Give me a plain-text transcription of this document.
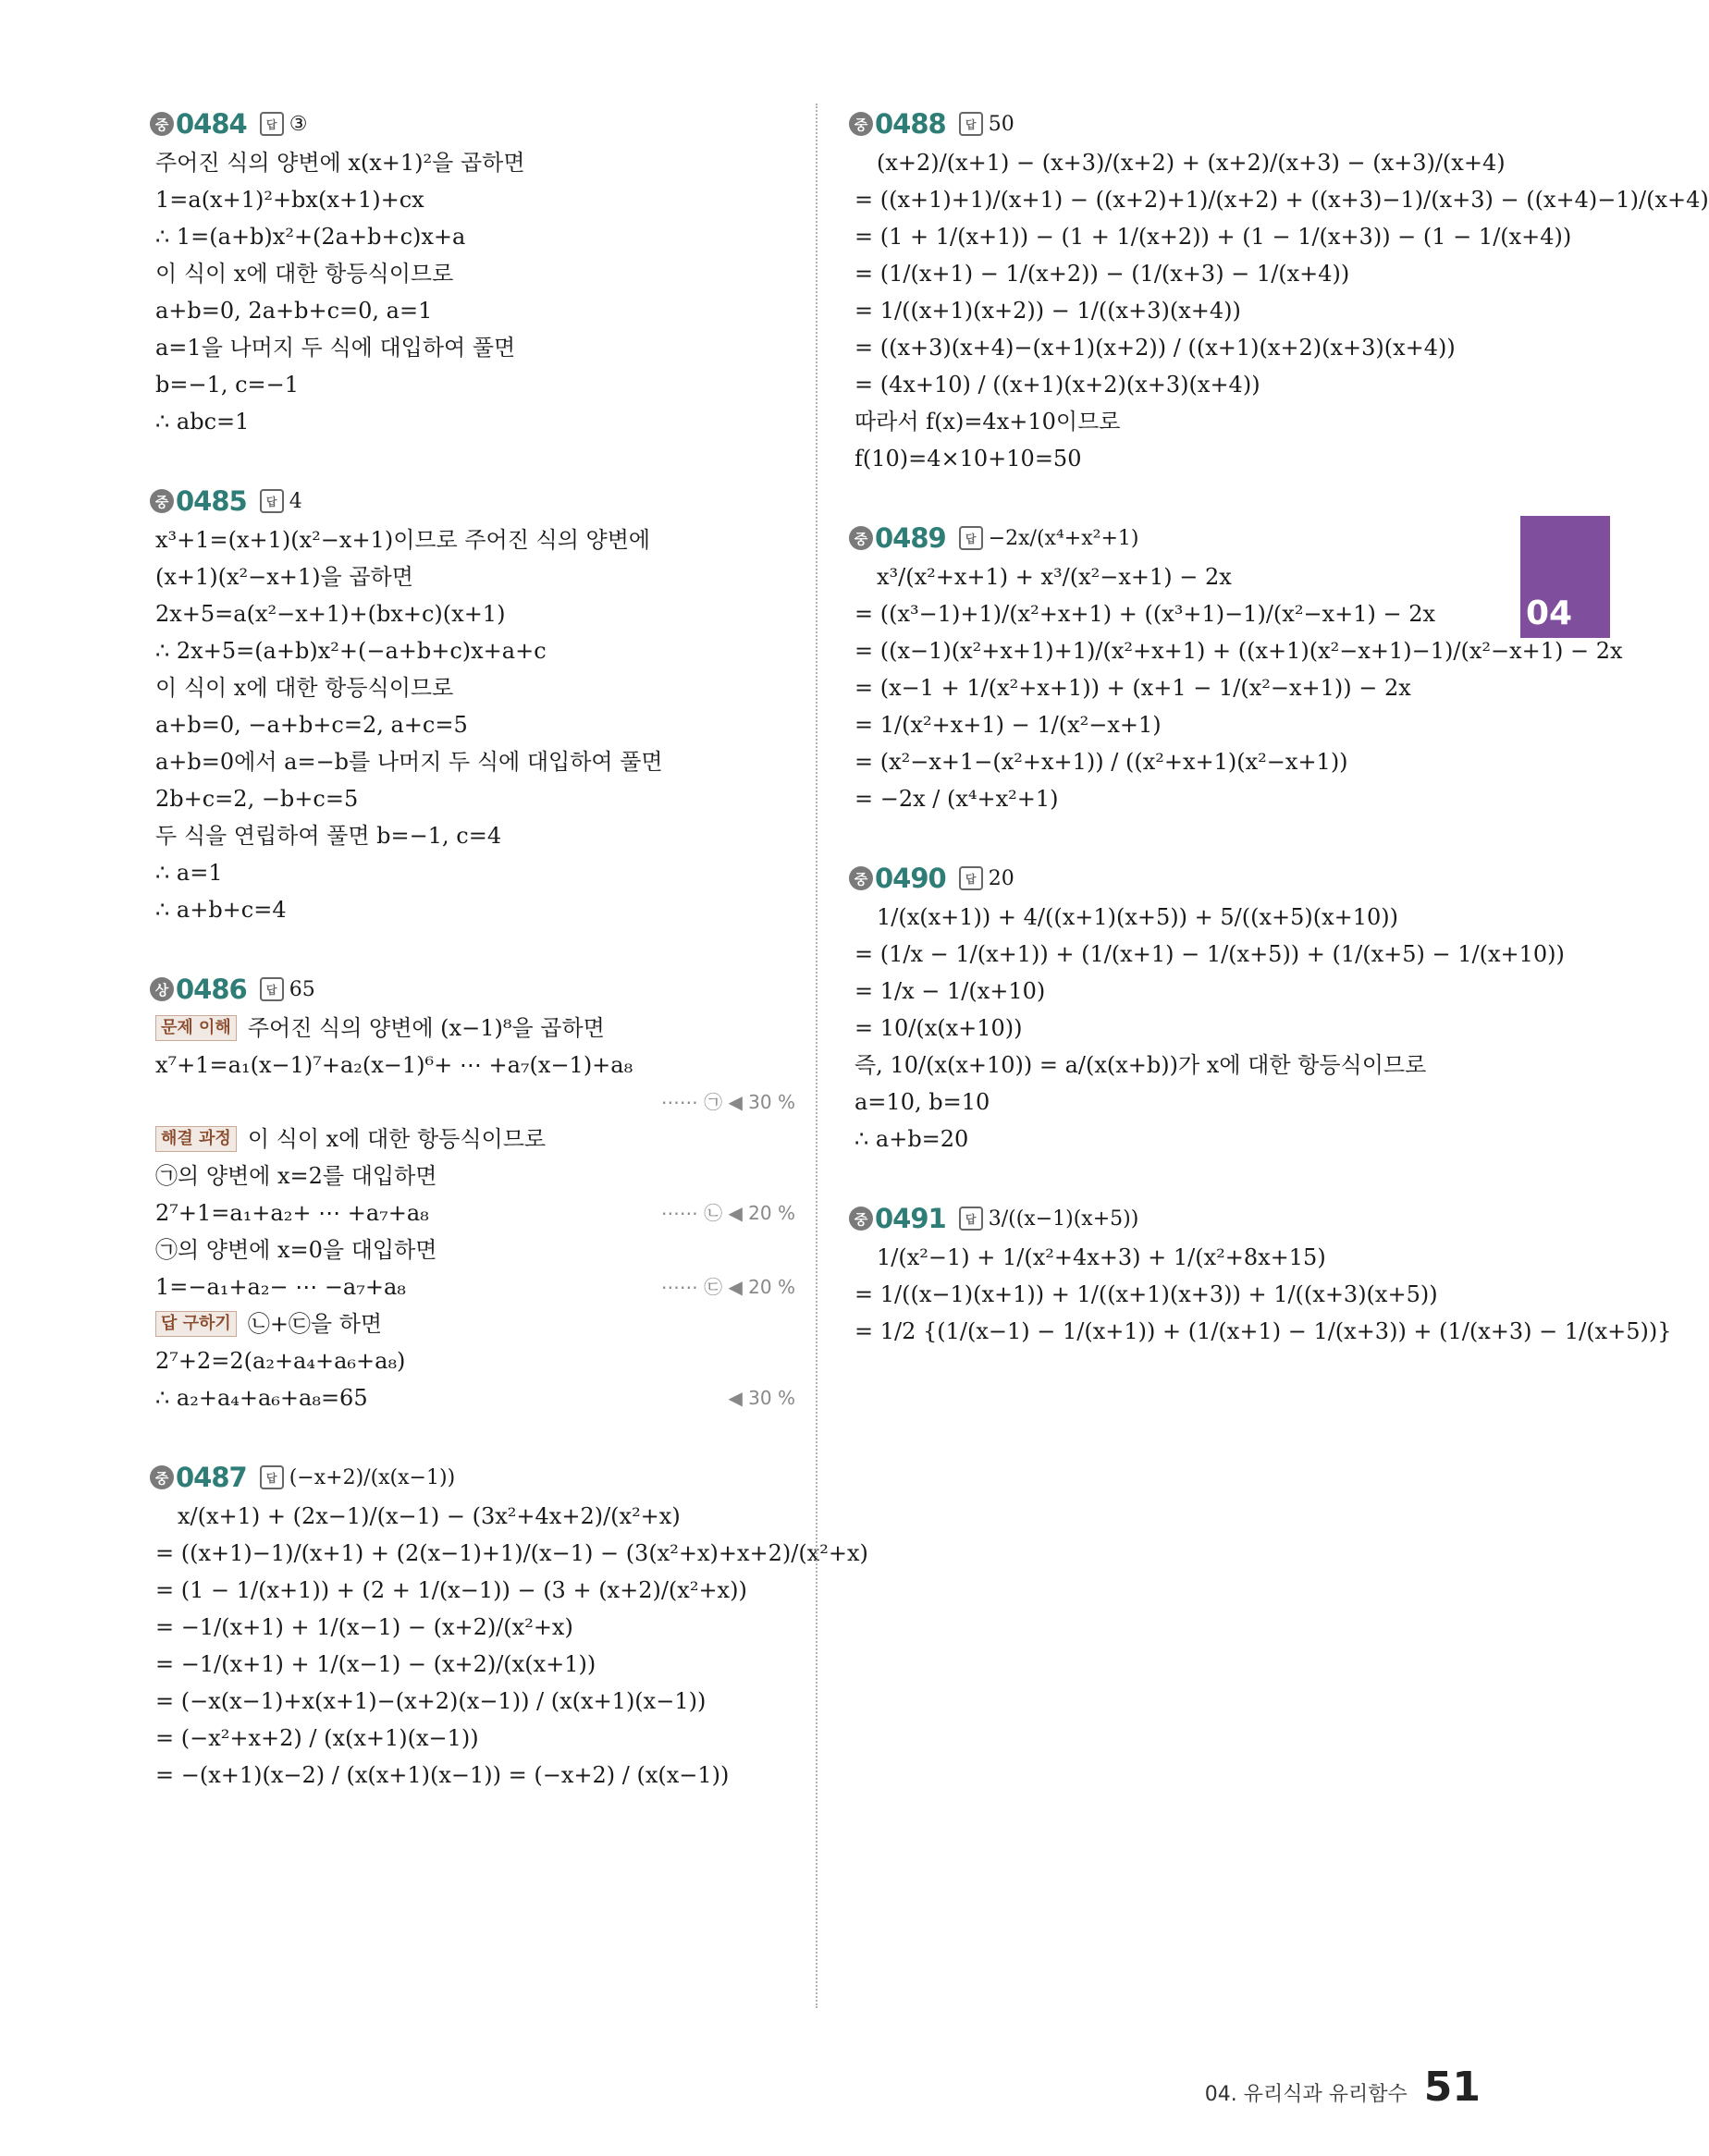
중 0484	답 ③
주어진 식의 양변에 x(x+1)²을 곱하면
1=a(x+1)²+bx(x+1)+cx
∴ 1=(a+b)x²+(2a+b+c)x+a
이 식이 x에 대한 항등식이므로
a+b=0, 2a+b+c=0, a=1
a=1을 나머지 두 식에 대입하여 풀면
b=−1, c=−1
∴ abc=1
중 0485	답 4
x³+1=(x+1)(x²−x+1)이므로 주어진 식의 양변에
(x+1)(x²−x+1)을 곱하면
2x+5=a(x²−x+1)+(bx+c)(x+1)
∴ 2x+5=(a+b)x²+(−a+b+c)x+a+c
이 식이 x에 대한 항등식이므로
a+b=0, −a+b+c=2, a+c=5
a+b=0에서 a=−b를 나머지 두 식에 대입하여 풀면
2b+c=2, −b+c=5
두 식을 연립하여 풀면 b=−1, c=4
∴ a=1
∴ a+b+c=4
상 0486	답 65
문제 이해 주어진 식의 양변에 (x−1)⁸을 곱하면
x⁷+1=a₁(x−1)⁷+a₂(x−1)⁶+ ⋯ +a₇(x−1)+a₈
⋯⋯ ㉠ ◀ 30 %
해결 과정 이 식이 x에 대한 항등식이므로
㉠의 양변에 x=2를 대입하면
2⁷+1=a₁+a₂+ ⋯ +a₇+a₈	⋯⋯ ㉡ ◀ 20 %
㉠의 양변에 x=0을 대입하면
1=−a₁+a₂− ⋯ −a₇+a₈	⋯⋯ ㉢ ◀ 20 %
답 구하기 ㉡+㉢을 하면
2⁷+2=2(a₂+a₄+a₆+a₈)
∴ a₂+a₄+a₆+a₈=65	◀ 30 %
중 0487	답 (−x+2)/(x(x−1))
x/(x+1) + (2x−1)/(x−1) − (3x²+4x+2)/(x²+x)
= ((x+1)−1)/(x+1) + (2(x−1)+1)/(x−1) − (3(x²+x)+x+2)/(x²+x)
= (1 − 1/(x+1)) + (2 + 1/(x−1)) − (3 + (x+2)/(x²+x))
= −1/(x+1) + 1/(x−1) − (x+2)/(x²+x)
= −1/(x+1) + 1/(x−1) − (x+2)/(x(x+1))
= (−x(x−1)+x(x+1)−(x+2)(x−1)) / (x(x+1)(x−1))
= (−x²+x+2) / (x(x+1)(x−1))
= −(x+1)(x−2) / (x(x+1)(x−1)) = (−x+2) / (x(x−1))
중 0488	답 50
(x+2)/(x+1) − (x+3)/(x+2) + (x+2)/(x+3) − (x+3)/(x+4)
= ((x+1)+1)/(x+1) − ((x+2)+1)/(x+2) + ((x+3)−1)/(x+3) − ((x+4)−1)/(x+4)
= (1 + 1/(x+1)) − (1 + 1/(x+2)) + (1 − 1/(x+3)) − (1 − 1/(x+4))
= (1/(x+1) − 1/(x+2)) − (1/(x+3) − 1/(x+4))
= 1/((x+1)(x+2)) − 1/((x+3)(x+4))
= ((x+3)(x+4)−(x+1)(x+2)) / ((x+1)(x+2)(x+3)(x+4))
= (4x+10) / ((x+1)(x+2)(x+3)(x+4))
따라서 f(x)=4x+10이므로
f(10)=4×10+10=50
중 0489	답 −2x/(x⁴+x²+1)
x³/(x²+x+1) + x³/(x²−x+1) − 2x
= ((x³−1)+1)/(x²+x+1) + ((x³+1)−1)/(x²−x+1) − 2x
= ((x−1)(x²+x+1)+1)/(x²+x+1) + ((x+1)(x²−x+1)−1)/(x²−x+1) − 2x
= (x−1 + 1/(x²+x+1)) + (x+1 − 1/(x²−x+1)) − 2x
= 1/(x²+x+1) − 1/(x²−x+1)
= (x²−x+1−(x²+x+1)) / ((x²+x+1)(x²−x+1))
= −2x / (x⁴+x²+1)
중 0490	답 20
1/(x(x+1)) + 4/((x+1)(x+5)) + 5/((x+5)(x+10))
= (1/x − 1/(x+1)) + (1/(x+1) − 1/(x+5)) + (1/(x+5) − 1/(x+10))
= 1/x − 1/(x+10)
= 10/(x(x+10))
즉, 10/(x(x+10)) = a/(x(x+b))가 x에 대한 항등식이므로
a=10, b=10
∴ a+b=20
중 0491	답 3/((x−1)(x+5))
1/(x²−1) + 1/(x²+4x+3) + 1/(x²+8x+15)
= 1/((x−1)(x+1)) + 1/((x+1)(x+3)) + 1/((x+3)(x+5))
= 1/2 {(1/(x−1) − 1/(x+1)) + (1/(x+1) − 1/(x+3)) + (1/(x+3) − 1/(x+5))}
04
04. 유리식과 유리함수 51
